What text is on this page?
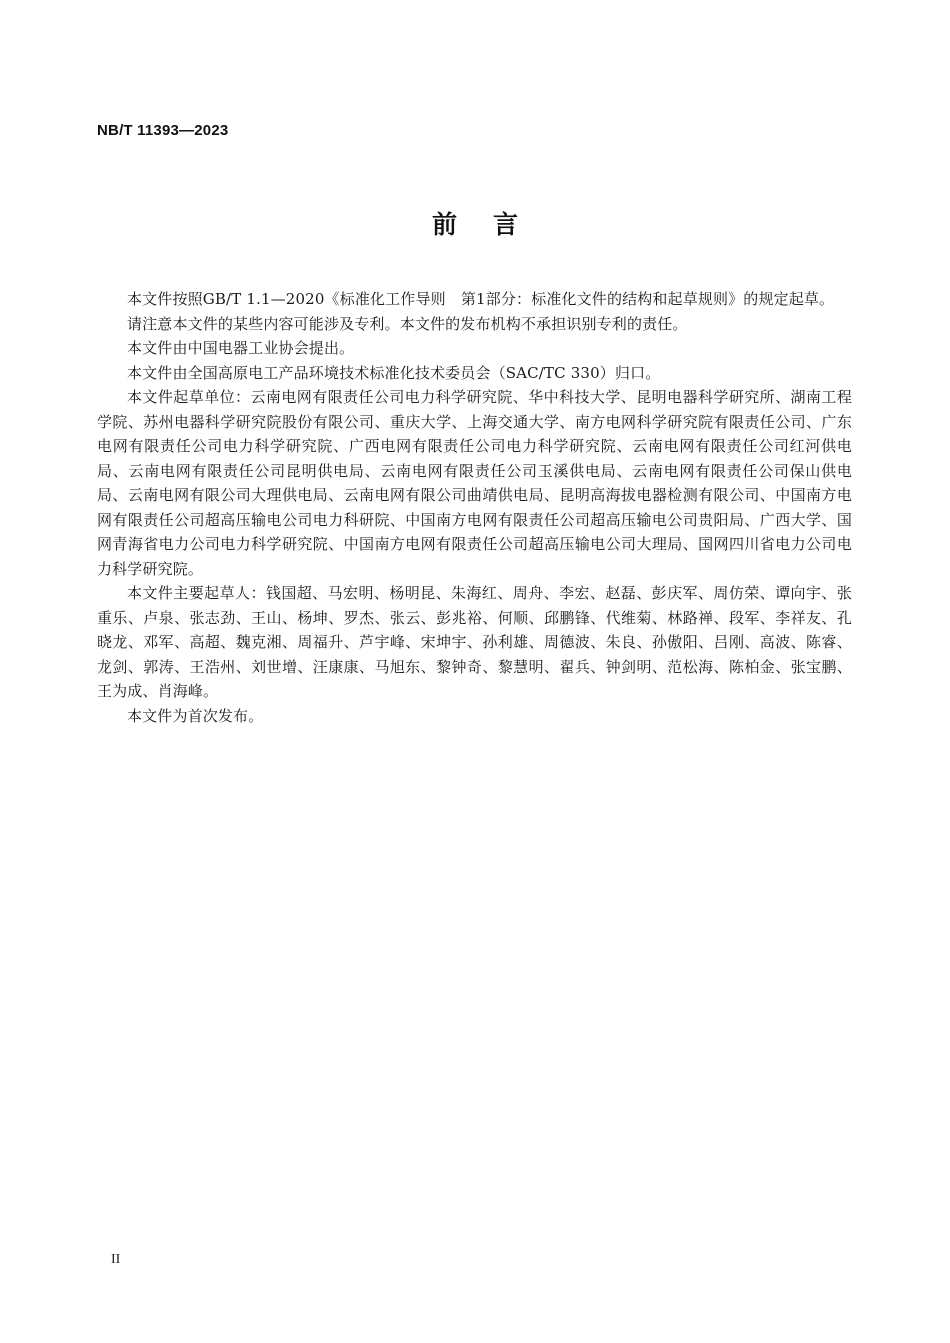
NB/T 11393—2023
前言

本文件按照GB/T 1.1—2020《标准化工作导则　第1部分：标准化文件的结构和起草规则》的规定起草。

请注意本文件的某些内容可能涉及专利。本文件的发布机构不承担识别专利的责任。

本文件由中国电器工业协会提出。

本文件由全国高原电工产品环境技术标准化技术委员会（SAC/TC 330）归口。

本文件起草单位：云南电网有限责任公司电力科学研究院、华中科技大学、昆明电器科学研究所、湖南工程学院、苏州电器科学研究院股份有限公司、重庆大学、上海交通大学、南方电网科学研究院有限责任公司、广东电网有限责任公司电力科学研究院、广西电网有限责任公司电力科学研究院、云南电网有限责任公司红河供电局、云南电网有限责任公司昆明供电局、云南电网有限责任公司玉溪供电局、云南电网有限责任公司保山供电局、云南电网有限公司大理供电局、云南电网有限公司曲靖供电局、昆明高海拔电器检测有限公司、中国南方电网有限责任公司超高压输电公司电力科研院、中国南方电网有限责任公司超高压输电公司贵阳局、广西大学、国网青海省电力公司电力科学研究院、中国南方电网有限责任公司超高压输电公司大理局、国网四川省电力公司电力科学研究院。

本文件主要起草人：钱国超、马宏明、杨明昆、朱海红、周舟、李宏、赵磊、彭庆军、周仿荣、谭向宇、张重乐、卢泉、张志劲、王山、杨坤、罗杰、张云、彭兆裕、何顺、邱鹏锋、代维菊、林路禅、段军、李祥友、孔晓龙、邓军、高超、魏克湘、周福升、芦宇峰、宋坤宇、孙利雄、周德波、朱良、孙傲阳、吕刚、高波、陈睿、龙剑、郭涛、王浩州、刘世增、汪康康、马旭东、黎钟奇、黎慧明、翟兵、钟剑明、范松海、陈柏金、张宝鹏、王为成、肖海峰。

本文件为首次发布。

II
